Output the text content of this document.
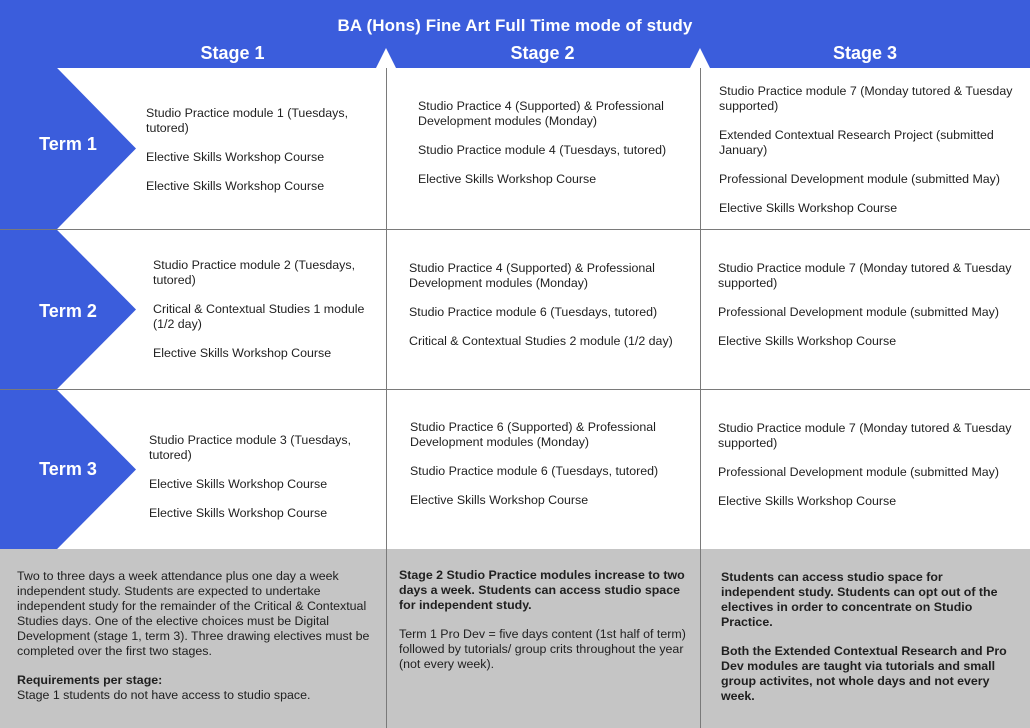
BA (Hons) Fine Art Full Time mode of study
Stage 1	Stage 2	Stage 3
Term 1
Term 2
Term 3

Studio Practice module 1 (Tuesdays, tutored)

Elective Skills Workshop Course

Elective Skills Workshop Course

Studio Practice 4 (Supported) & Professional Development modules (Monday)

Studio Practice module 4 (Tuesdays, tutored)

Elective Skills Workshop Course

Studio Practice module 7 (Monday tutored & Tuesday supported)

Extended Contextual Research Project (submitted January)

Professional Development module (submitted May)

Elective Skills Workshop Course

Studio Practice module 2 (Tuesdays, tutored)

Critical & Contextual Studies 1 module (1/2 day)

Elective Skills Workshop Course

Studio Practice 4 (Supported) & Professional Development modules (Monday)

Studio Practice module 6 (Tuesdays, tutored)

Critical & Contextual Studies 2 module (1/2 day)

Studio Practice module 7 (Monday tutored & Tuesday supported)

Professional Development module (submitted May)

Elective Skills Workshop Course

Studio Practice module 3 (Tuesdays, tutored)

Elective Skills Workshop Course

Elective Skills Workshop Course

Studio Practice 6 (Supported) & Professional Development modules (Monday)

Studio Practice module 6 (Tuesdays, tutored)

Elective Skills Workshop Course

Studio Practice module 7 (Monday tutored & Tuesday supported)

Professional Development module (submitted May)

Elective Skills Workshop Course

Two to three days a week attendance plus one day a week independent study. Students are expected to undertake independent study for the remainder of the Critical & Contextual Studies days. One of the elective choices must be Digital Development (stage 1, term 3). Three drawing electives must be completed over the first two stages.

Requirements per stage:

Stage 1 students do not have access to studio space.

Stage 2 Studio Practice modules increase to two days a week. Students can access studio space for independent study.

Term 1 Pro Dev = five days content (1st half of term) followed by tutorials/ group crits throughout the year (not every week).

Students can access studio space for independent study. Students can opt out of the electives in order to concentrate on Studio Practice.

Both the Extended Contextual Research and Pro Dev modules are taught via tutorials and small group activites, not whole days and not every week.
